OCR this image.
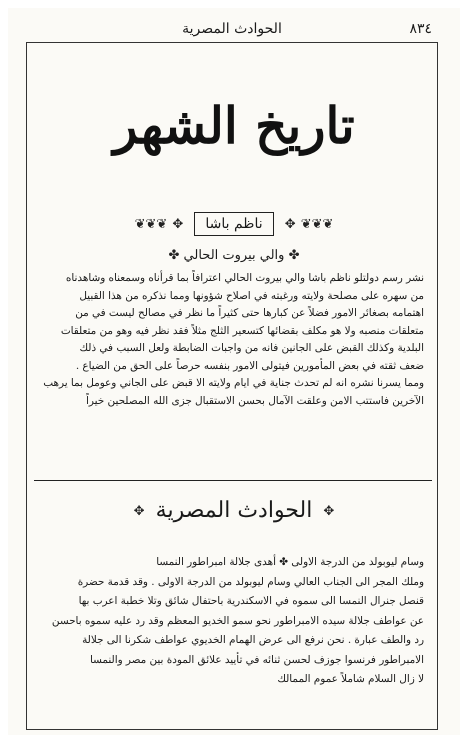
٨٣٤
الحوادث المصرية
تاريخ الشهر
❦❦❦ ✥ ناظم باشا ✥ ❦❦❦
✤ والي بيروت الحالي ✤
نشر رسم دولتلو ناظم باشا والي بيروت الحالي اعترافاً بما قرأناه وسمعناه وشاهدناه
من سهره على مصلحة ولايته ورغبته في اصلاح شؤونها ومما نذكره من هذا القبيل
اهتمامه بصغائر الامور فضلاً عن كبارها حتى كثيراً ما نظر في مصالح ليست في من
متعلقات منصبه ولا هو مكلف بقضائها كتسعير الثلج مثلاً فقد نظر فيه وهو من متعلقات
البلدية وكذلك القبض على الجانين فانه من واجبات الضابطة ولعل السبب في ذلك
ضعف ثقته في بعض المأمورين فيتولى الامور بنفسه حرصاً على الحق من الضياع .
ومما يسرنا نشره انه لم تحدث جناية في ايام ولايته الا قبض على الجاني وعومل بما يرهب
الآخرين فاستتب الامن وعلقت الآمال بحسن الاستقبال جزى الله المصلحين خيراً
✥ الحوادث المصرية ✥
وسام ليوبولد من الدرجة الاولى ✤ أهدى جلالة امبراطور النمسا
وملك المجر الى الجناب العالي وسام ليوبولد من الدرجة الاولى . وقد قدمة حضرة
قنصل جنرال النمسا الى سموه في الاسكندرية باحتفال شائق وتلا خطبة اعرب بها
عن عواطف جلالة سيده الامبراطور نحو سمو الخديو المعظم وقد رد عليه سموه باحسن
رد والطف عبارة . نحن نرفع الى عرض الهمام الخديوي عواطف شكرنا الى جلالة
الامبراطور فرنسوا جوزف لحسن ثنائه في تأييد علائق المودة بين مصر والنمسا
لا زال السلام شاملاً عموم الممالك
